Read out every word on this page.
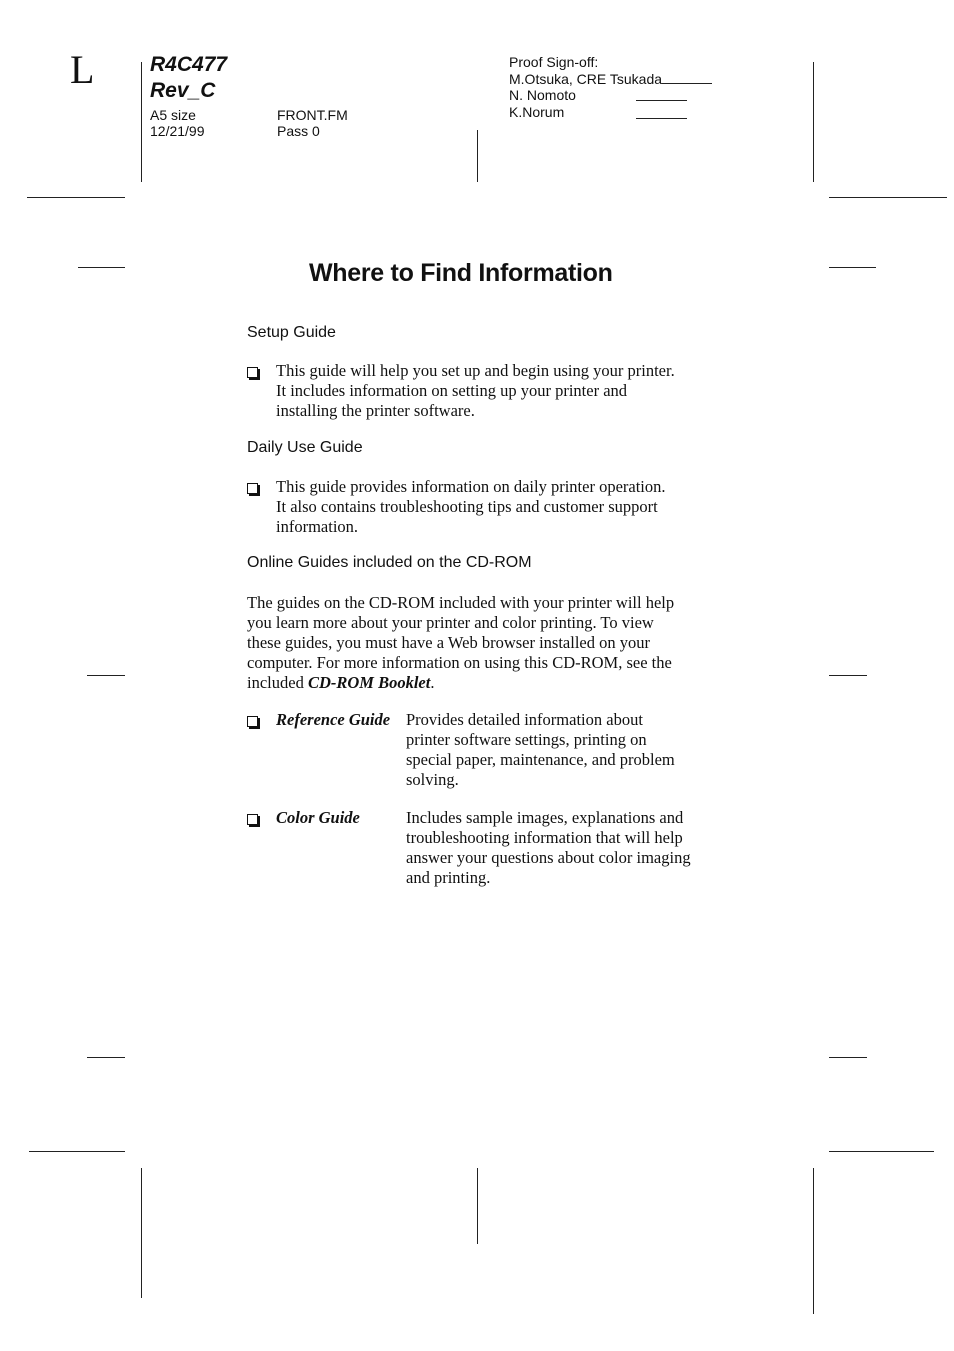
L	R4C477
Rev_C
A5 size
12/21/99
FRONT.FM
Pass 0
Proof Sign-off:
M.Otsuka, CRE Tsukada
N. Nomoto
K.Norum
Where to Find Information
Setup Guide
This guide will help you set up and begin using your printer.
It includes information on setting up your printer and
installing the printer software.
Daily Use Guide
This guide provides information on daily printer operation.
It also contains troubleshooting tips and customer support
information.
Online Guides included on the CD-ROM
The guides on the CD-ROM included with your printer will help
you learn more about your printer and color printing. To view
these guides, you must have a Web browser installed on your
computer. For more information on using this CD-ROM, see the
included CD-ROM Booklet.
Reference Guide Provides detailed information about
printer software settings, printing on
special paper, maintenance, and problem
solving.
Color Guide	Includes sample images, explanations and
troubleshooting information that will help
answer your questions about color imaging
and printing.
